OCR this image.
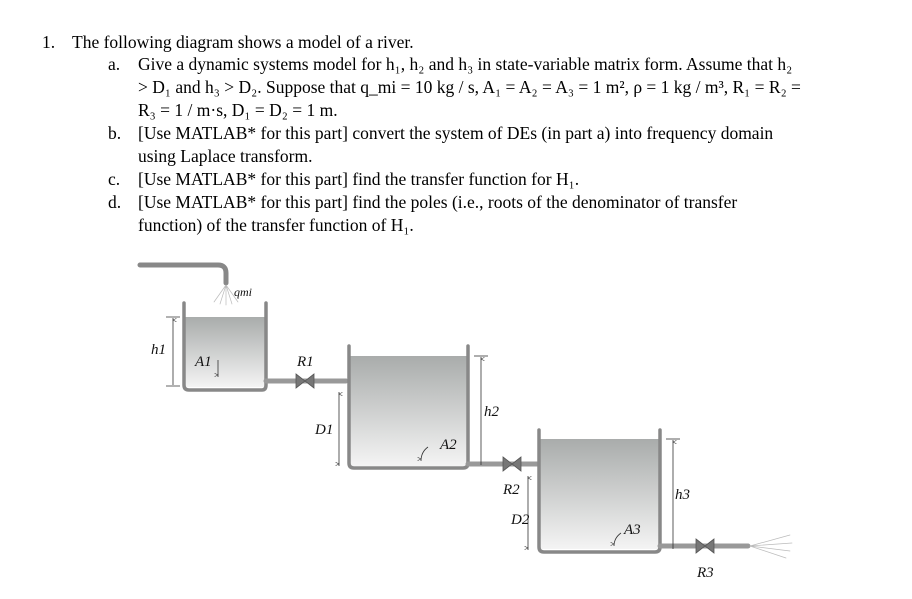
1. The following diagram shows a model of a river.
a. Give a dynamic systems model for h₁, h₂ and h₃ in state-variable matrix form. Assume that h₂
> D₁ and h₃ > D₂. Suppose that q_mi = 10 kg / s, A₁ = A₂ = A₃ = 1 m², ρ = 1 kg / m³, R₁ = R₂ =
R₃ = 1 / m·s, D₁ = D₂ = 1 m.
b. [Use MATLAB* for this part] convert the system of DEs (in part a) into frequency domain
using Laplace transform.
c. [Use MATLAB* for this part] find the transfer function for H₁.
d. [Use MATLAB* for this part] find the poles (i.e., roots of the denominator of transfer
function) of the transfer function of H₁.
qmi
h1
A1	R1
D1
h2
A2
R2
D2
h3
A3
R3
